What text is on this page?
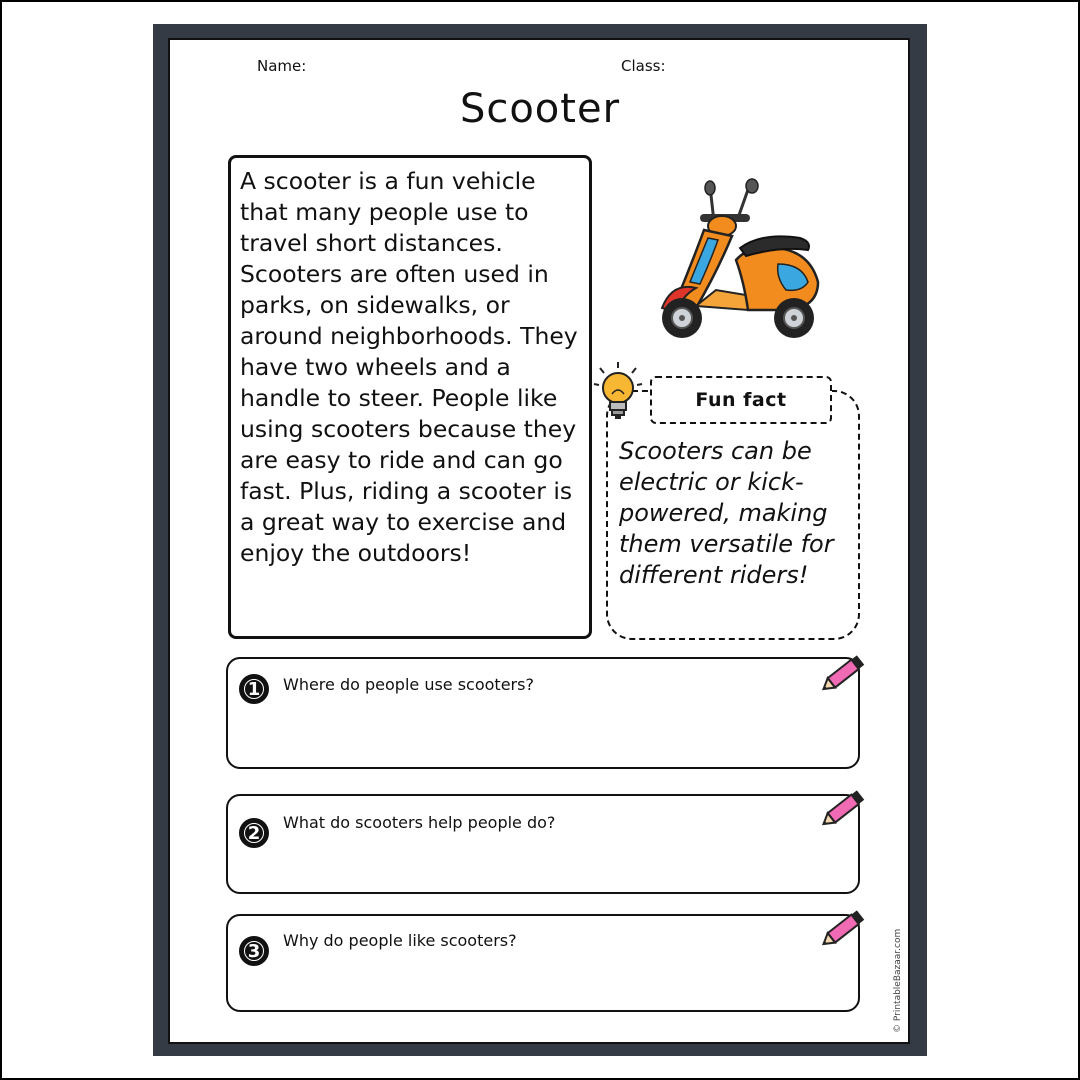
Name:	Class:
Scooter
A scooter is a fun vehicle that many people use to travel short distances. Scooters are often used in parks, on sidewalks, or around neighborhoods. They have two wheels and a handle to steer. People like using scooters because they are easy to ride and can go fast. Plus, riding a scooter is a great way to exercise and enjoy the outdoors!
Fun fact
Scooters can be electric or kick-powered, making them versatile for different riders!
1 Where do people use scooters?
2 What do scooters help people do?
3 Why do people like scooters?	© PrintableBazaar.com
